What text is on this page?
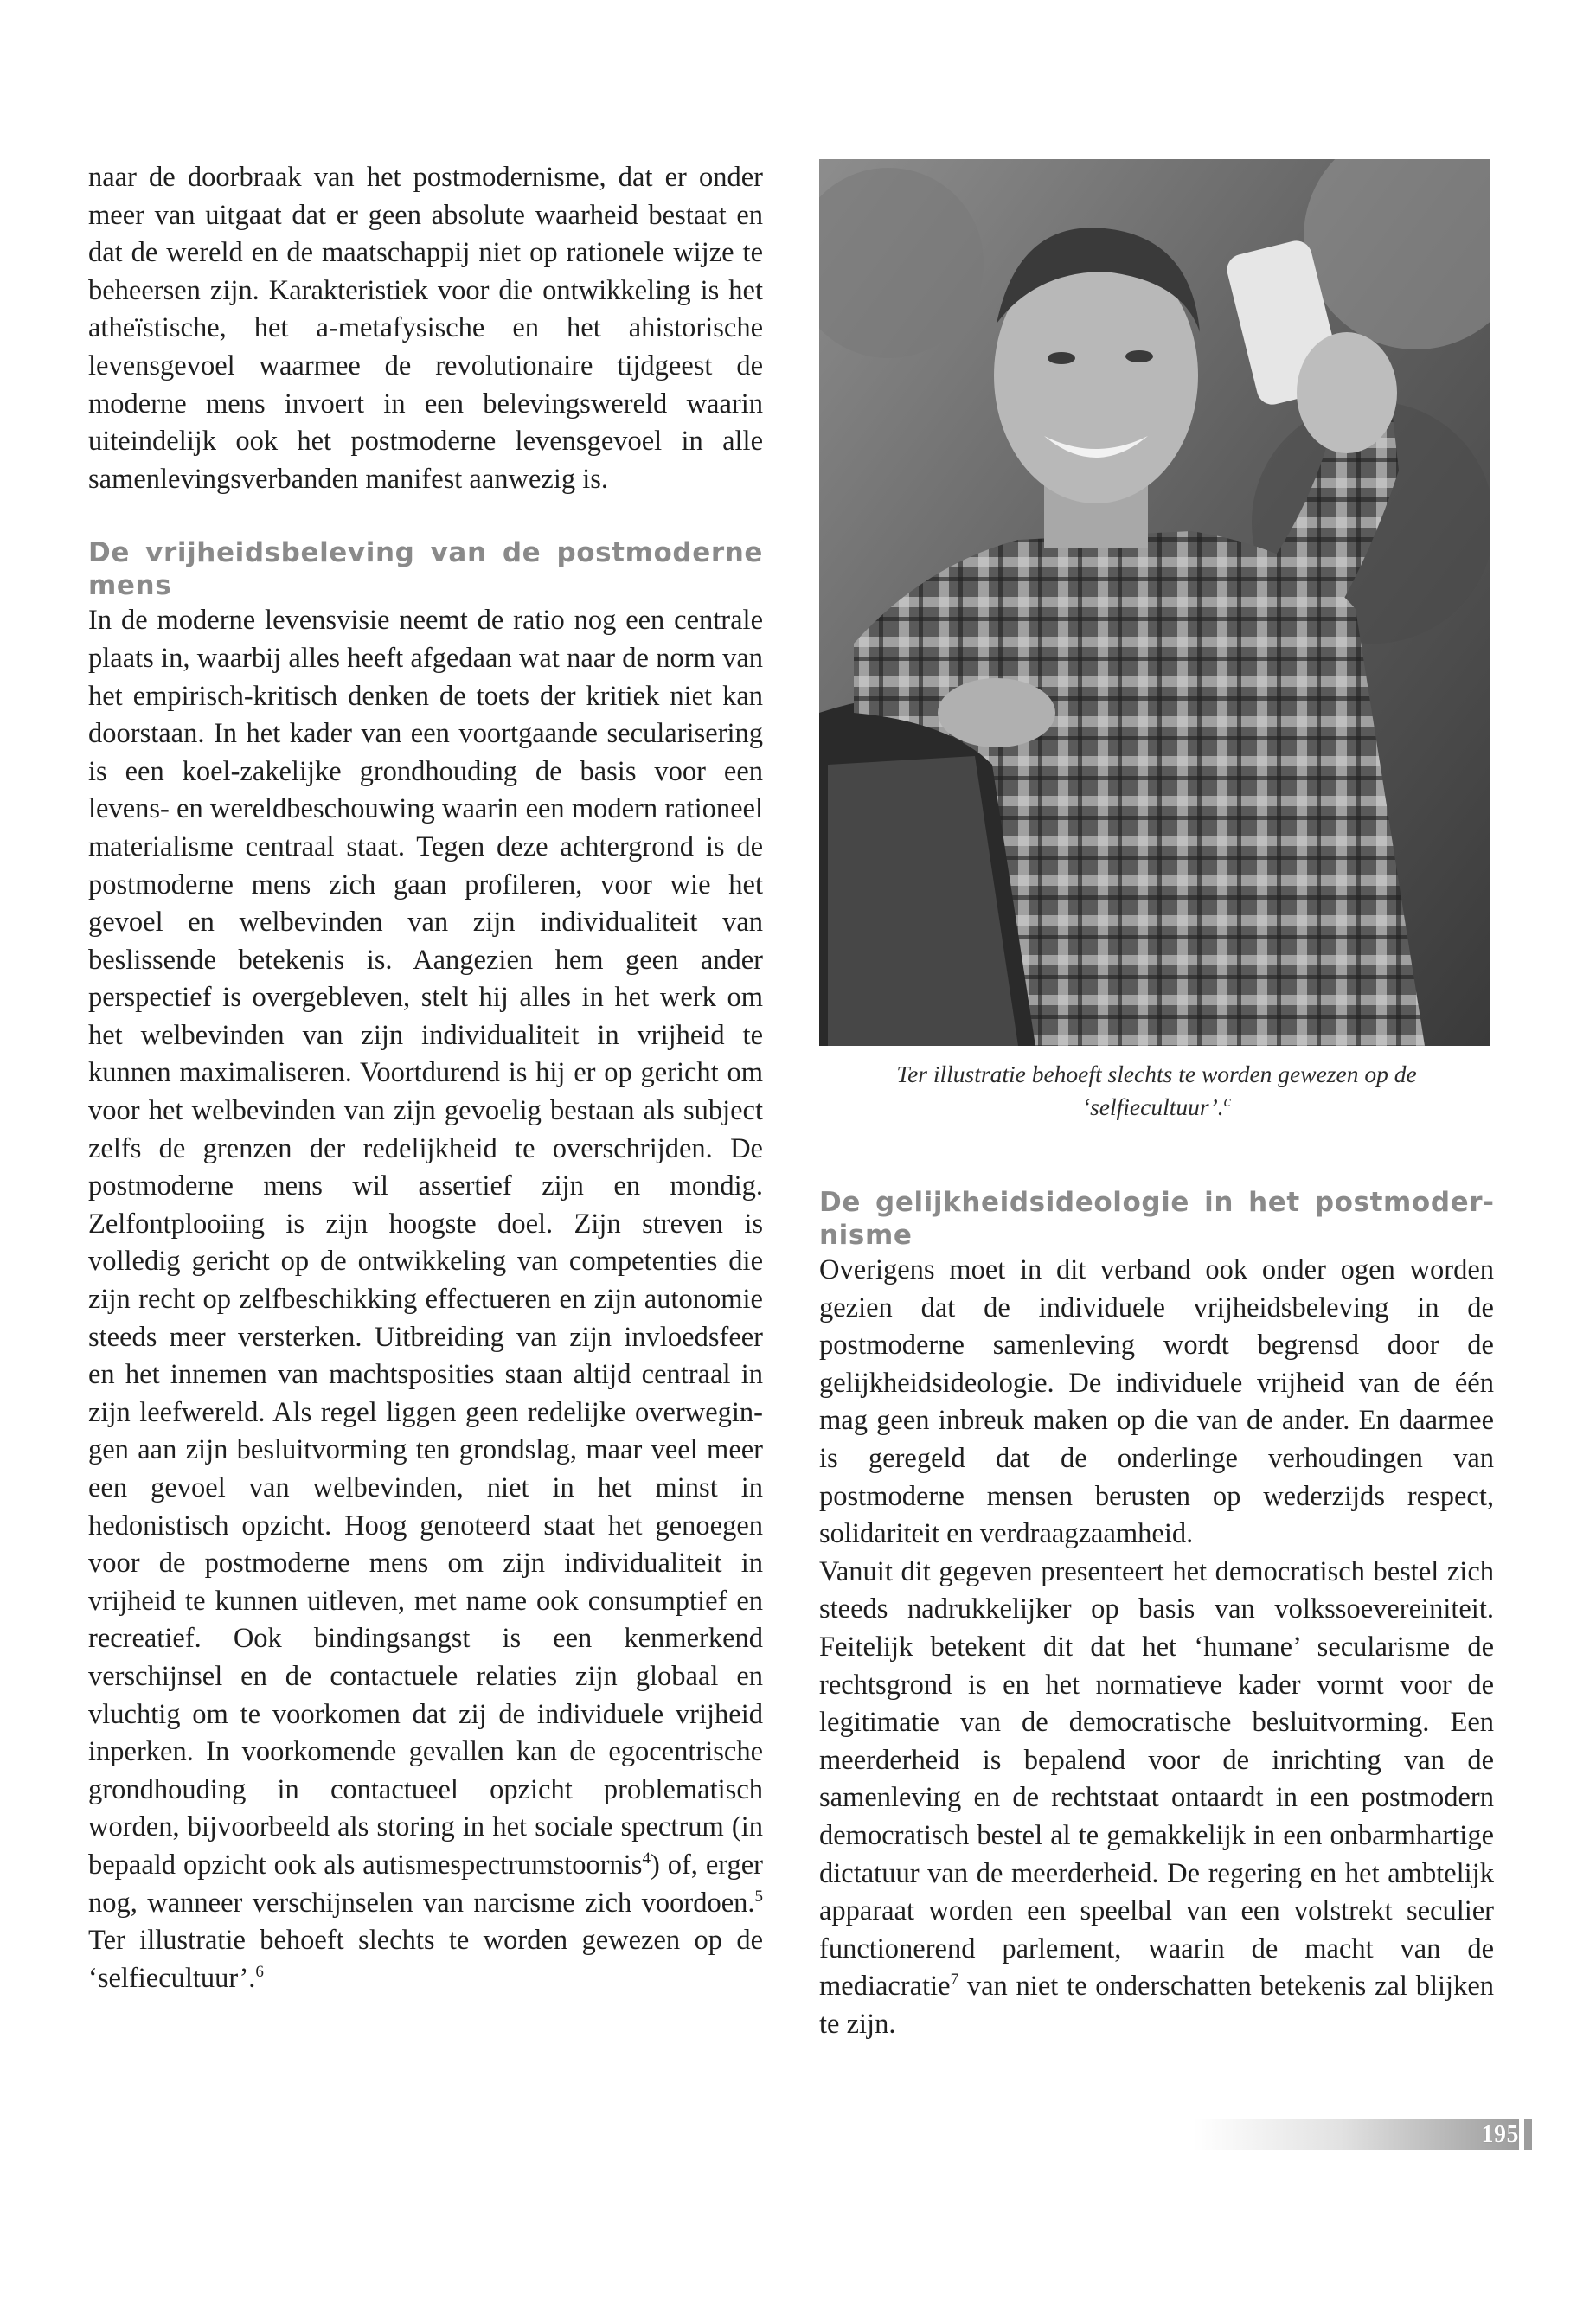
naar de doorbraak van het postmodernisme, dat er onder meer van uitgaat dat er geen absolute waarheid bestaat en dat de wereld en de maatschappij niet op rationele wijze te beheersen zijn. Karakteristiek voor die ontwikkeling is het atheïstische, het a-metafysische en het ahistorische levensgevoel waarmee de revolutionaire tijdgeest de moderne mens invoert in een belevingswereld waarin uiteindelijk ook het postmoderne levensgevoel in alle samenlevingsverbanden manifest aanwezig is.

De vrijheidsbeleving van de postmoderne mens

In de moderne levensvisie neemt de ratio nog een centrale plaats in, waarbij alles heeft afgedaan wat naar de norm van het empirisch-kritisch denken de toets der kritiek niet kan doorstaan. In het kader van een voortgaande secularisering is een koel-zakelijke grondhouding de basis voor een levens- en wereldbeschouwing waarin een modern rationeel materialisme centraal staat. Tegen deze achtergrond is de postmoderne mens zich gaan profileren, voor wie het gevoel en welbevinden van zijn individualiteit van beslissende betekenis is. Aangezien hem geen ander perspectief is overgebleven, stelt hij alles in het werk om het welbevinden van zijn individualiteit in vrijheid te kunnen maximaliseren. Voortdurend is hij er op gericht om voor het welbevinden van zijn gevoelig bestaan als subject zelfs de grenzen der redelijkheid te overschrijden. De postmoderne mens wil assertief zijn en mondig. Zelfontplooiing is zijn hoogste doel. Zijn streven is volledig gericht op de ontwikkeling van competenties die zijn recht op zelfbeschikking effectueren en zijn autonomie steeds meer versterken. Uitbreiding van zijn invloedsfeer en het innemen van machtsposities staan altijd centraal in zijn leefwereld. Als regel liggen geen redelijke overwegingen aan zijn besluitvorming ten grondslag, maar veel meer een gevoel van welbevinden, niet in het minst in hedonistisch opzicht. Hoog genoteerd staat het genoegen voor de postmoderne mens om zijn individualiteit in vrijheid te kunnen uitleven, met name ook consumptief en recreatief. Ook bindingsangst is een kenmerkend verschijnsel en de contactuele relaties zijn globaal en vluchtig om te voorkomen dat zij de individuele vrijheid inperken. In voorkomende gevallen kan de egocentrische grondhouding in contactueel opzicht problematisch worden, bijvoorbeeld als storing in het sociale spectrum (in bepaald opzicht ook als autismespectrumstoornis$^4$) of, erger nog, wanneer verschijnselen van narcisme zich voordoen.$^5$ Ter illustratie behoeft slechts te worden gewezen op de ‘selfiecultuur’.$^6$

Ter illustratie behoeft slechts te worden gewezen op de ‘selfiecultuur’.$^c$

De gelijkheidsideologie in het postmodernisme

Overigens moet in dit verband ook onder ogen worden gezien dat de individuele vrijheidsbeleving in de postmoderne samenleving wordt begrensd door de gelijkheidsideologie. De individuele vrijheid van de één mag geen inbreuk maken op die van de ander. En daarmee is geregeld dat de onderlinge verhoudingen van postmoderne mensen berusten op wederzijds respect, solidariteit en verdraagzaamheid.

Vanuit dit gegeven presenteert het democratisch bestel zich steeds nadrukkelijker op basis van volkssoevereiniteit. Feitelijk betekent dit dat het ‘humane’ secularisme de rechtsgrond is en het normatieve kader vormt voor de legitimatie van de democratische besluitvorming. Een meerderheid is bepalend voor de inrichting van de samenleving en de rechtstaat ontaardt in een postmodern democratisch bestel al te gemakkelijk in een onbarmhartige dictatuur van de meerderheid. De regering en het ambtelijk apparaat worden een speelbal van een volstrekt seculier functionerend parlement, waarin de macht van de mediacratie$^7$ van niet te onderschatten betekenis zal blijken te zijn.

195
